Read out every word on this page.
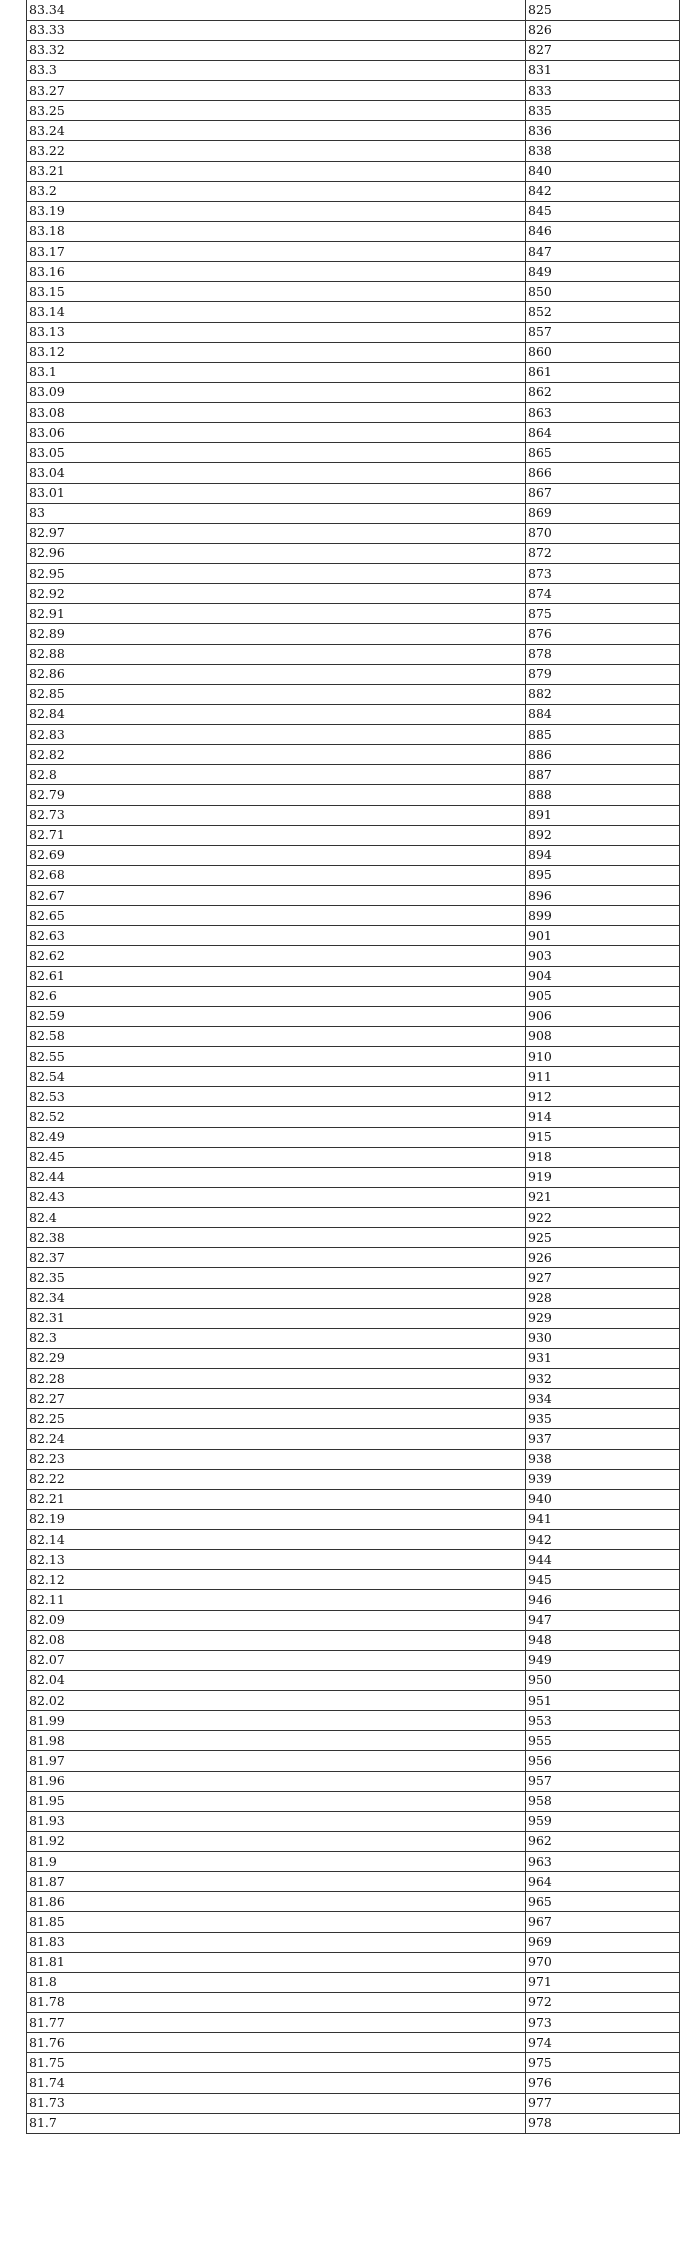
83.34	825
83.33	826
83.32	827
83.3	831
83.27	833
83.25	835
83.24	836
83.22	838
83.21	840
83.2	842
83.19	845
83.18	846
83.17	847
83.16	849
83.15	850
83.14	852
83.13	857
83.12	860
83.1	861
83.09	862
83.08	863
83.06	864
83.05	865
83.04	866
83.01	867
83	869
82.97	870
82.96	872
82.95	873
82.92	874
82.91	875
82.89	876
82.88	878
82.86	879
82.85	882
82.84	884
82.83	885
82.82	886
82.8	887
82.79	888
82.73	891
82.71	892
82.69	894
82.68	895
82.67	896
82.65	899
82.63	901
82.62	903
82.61	904
82.6	905
82.59	906
82.58	908
82.55	910
82.54	911
82.53	912
82.52	914
82.49	915
82.45	918
82.44	919
82.43	921
82.4	922
82.38	925
82.37	926
82.35	927
82.34	928
82.31	929
82.3	930
82.29	931
82.28	932
82.27	934
82.25	935
82.24	937
82.23	938
82.22	939
82.21	940
82.19	941
82.14	942
82.13	944
82.12	945
82.11	946
82.09	947
82.08	948
82.07	949
82.04	950
82.02	951
81.99	953
81.98	955
81.97	956
81.96	957
81.95	958
81.93	959
81.92	962
81.9	963
81.87	964
81.86	965
81.85	967
81.83	969
81.81	970
81.8	971
81.78	972
81.77	973
81.76	974
81.75	975
81.74	976
81.73	977
81.7	978
